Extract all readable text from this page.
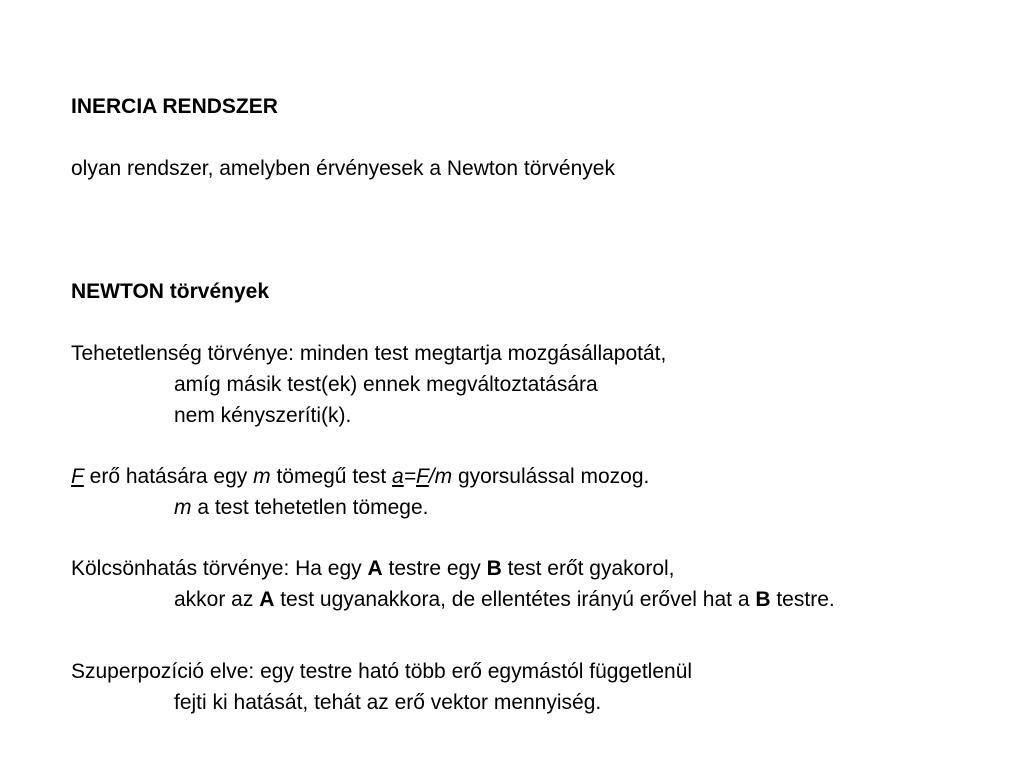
INERCIA RENDSZER
olyan rendszer, amelyben érvényesek a Newton törvények
NEWTON törvények
Tehetetlenség törvénye: minden test megtartja mozgásállapotát,
amíg másik test(ek) ennek megváltoztatására
nem kényszeríti(k).
F erő hatására egy m tömegű test a=F/m gyorsulással mozog.
m a test tehetetlen tömege.
Kölcsönhatás törvénye: Ha egy A testre egy B test erőt gyakorol,
akkor az A test ugyanakkora, de ellentétes irányú erővel hat a B testre.
Szuperpozíció elve: egy testre ható több erő egymástól függetlenül
fejti ki hatását, tehát az erő vektor mennyiség.
